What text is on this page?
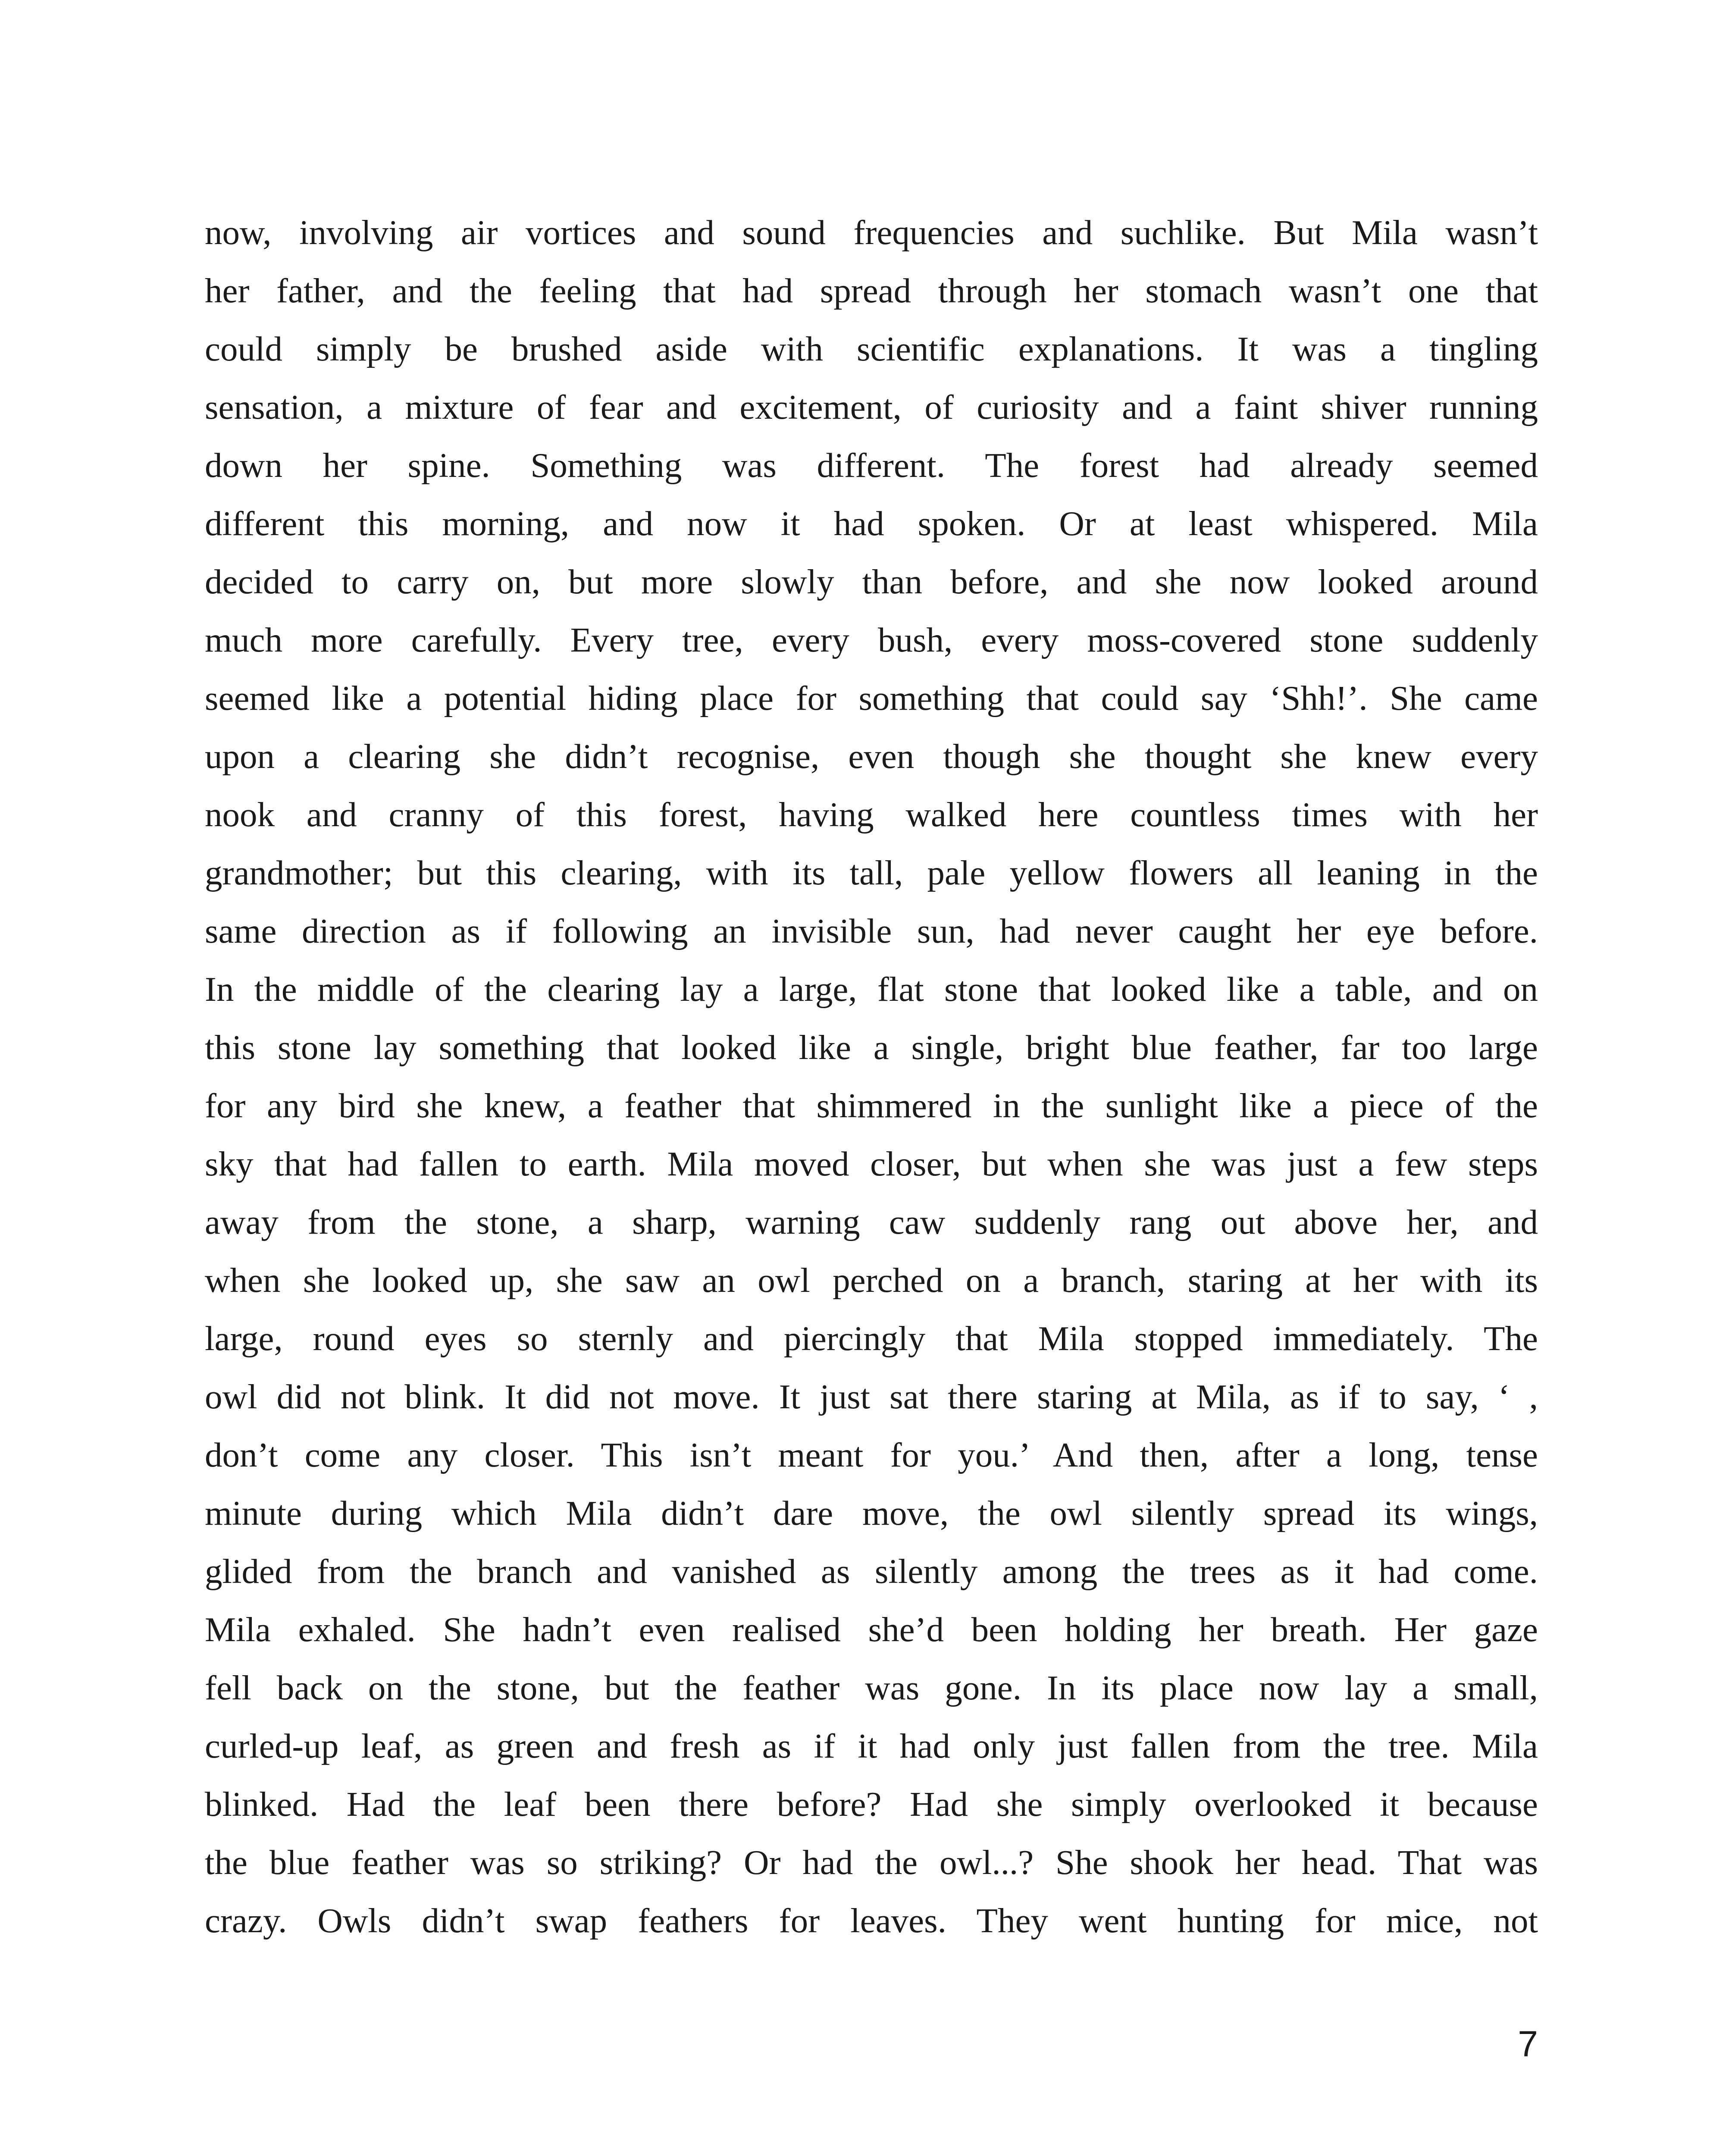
now, involving air vortices and sound frequencies and suchlike. But Mila wasn’t
her father, and the feeling that had spread through her stomach wasn’t one that
could simply be brushed aside with scientific explanations. It was a tingling
sensation, a mixture of fear and excitement, of curiosity and a faint shiver running
down her spine. Something was different. The forest had already seemed
different this morning, and now it had spoken. Or at least whispered. Mila
decided to carry on, but more slowly than before, and she now looked around
much more carefully. Every tree, every bush, every moss-covered stone suddenly
seemed like a potential hiding place for something that could say ‘Shh!’. She came
upon a clearing she didn’t recognise, even though she thought she knew every
nook and cranny of this forest, having walked here countless times with her
grandmother; but this clearing, with its tall, pale yellow flowers all leaning in the
same direction as if following an invisible sun, had never caught her eye before.
In the middle of the clearing lay a large, flat stone that looked like a table, and on
this stone lay something that looked like a single, bright blue feather, far too large
for any bird she knew, a feather that shimmered in the sunlight like a piece of the
sky that had fallen to earth. Mila moved closer, but when she was just a few steps
away from the stone, a sharp, warning caw suddenly rang out above her, and
when she looked up, she saw an owl perched on a branch, staring at her with its
large, round eyes so sternly and piercingly that Mila stopped immediately. The
owl did not blink. It did not move. It just sat there staring at Mila, as if to say, ‘ ,
don’t come any closer. This isn’t meant for you.’ And then, after a long, tense
minute during which Mila didn’t dare move, the owl silently spread its wings,
glided from the branch and vanished as silently among the trees as it had come.
Mila exhaled. She hadn’t even realised she’d been holding her breath. Her gaze
fell back on the stone, but the feather was gone. In its place now lay a small,
curled-up leaf, as green and fresh as if it had only just fallen from the tree. Mila
blinked. Had the leaf been there before? Had she simply overlooked it because
the blue feather was so striking? Or had the owl...? She shook her head. That was
crazy. Owls didn’t swap feathers for leaves. They went hunting for mice, not
7
